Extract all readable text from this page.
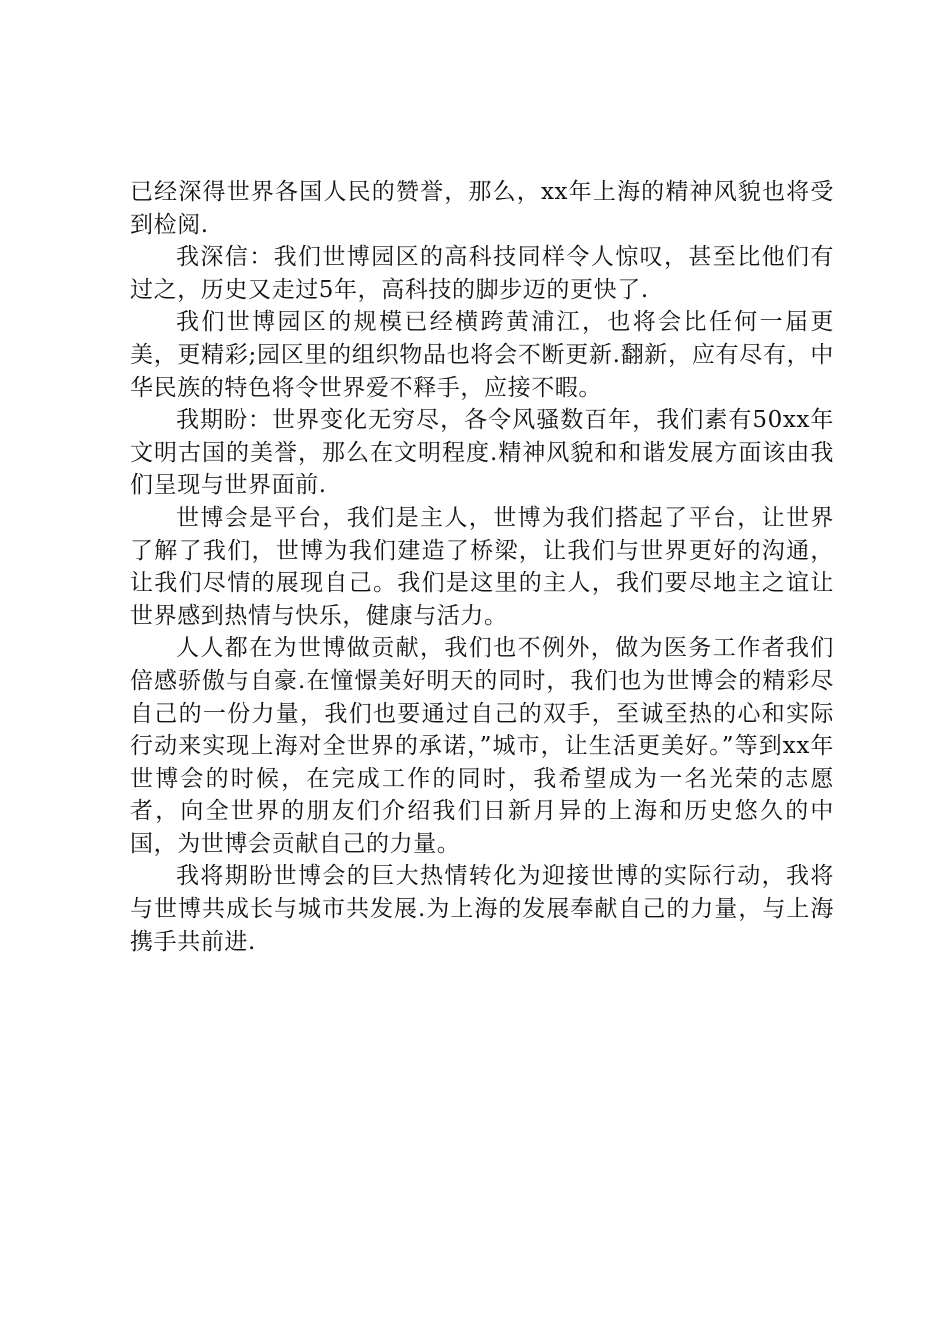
已经深得世界各国人民的赞誉，那么，xx年上海的精神风貌也将受到检阅.

我深信：我们世博园区的高科技同样令人惊叹，甚至比他们有过之，历史又走过5年，高科技的脚步迈的更快了.

我们世博园区的规模已经横跨黄浦江，也将会比任何一届更美，更精彩;园区里的组织物品也将会不断更新.翻新，应有尽有，中华民族的特色将令世界爱不释手，应接不暇。

我期盼：世界变化无穷尽，各令风骚数百年，我们素有50xx年文明古国的美誉，那么在文明程度.精神风貌和和谐发展方面该由我们呈现与世界面前.

世博会是平台，我们是主人，世博为我们搭起了平台，让世界了解了我们，世博为我们建造了桥梁，让我们与世界更好的沟通，让我们尽情的展现自己。我们是这里的主人，我们要尽地主之谊让世界感到热情与快乐，健康与活力。

人人都在为世博做贡献，我们也不例外，做为医务工作者我们倍感骄傲与自豪.在憧憬美好明天的同时，我们也为世博会的精彩尽自己的一份力量，我们也要通过自己的双手，至诚至热的心和实际行动来实现上海对全世界的承诺，”城市，让生活更美好。”等到xx年世博会的时候，在完成工作的同时，我希望成为一名光荣的志愿者，向全世界的朋友们介绍我们日新月异的上海和历史悠久的中国，为世博会贡献自己的力量。

我将期盼世博会的巨大热情转化为迎接世博的实际行动，我将与世博共成长与城市共发展.为上海的发展奉献自己的力量，与上海携手共前进.
